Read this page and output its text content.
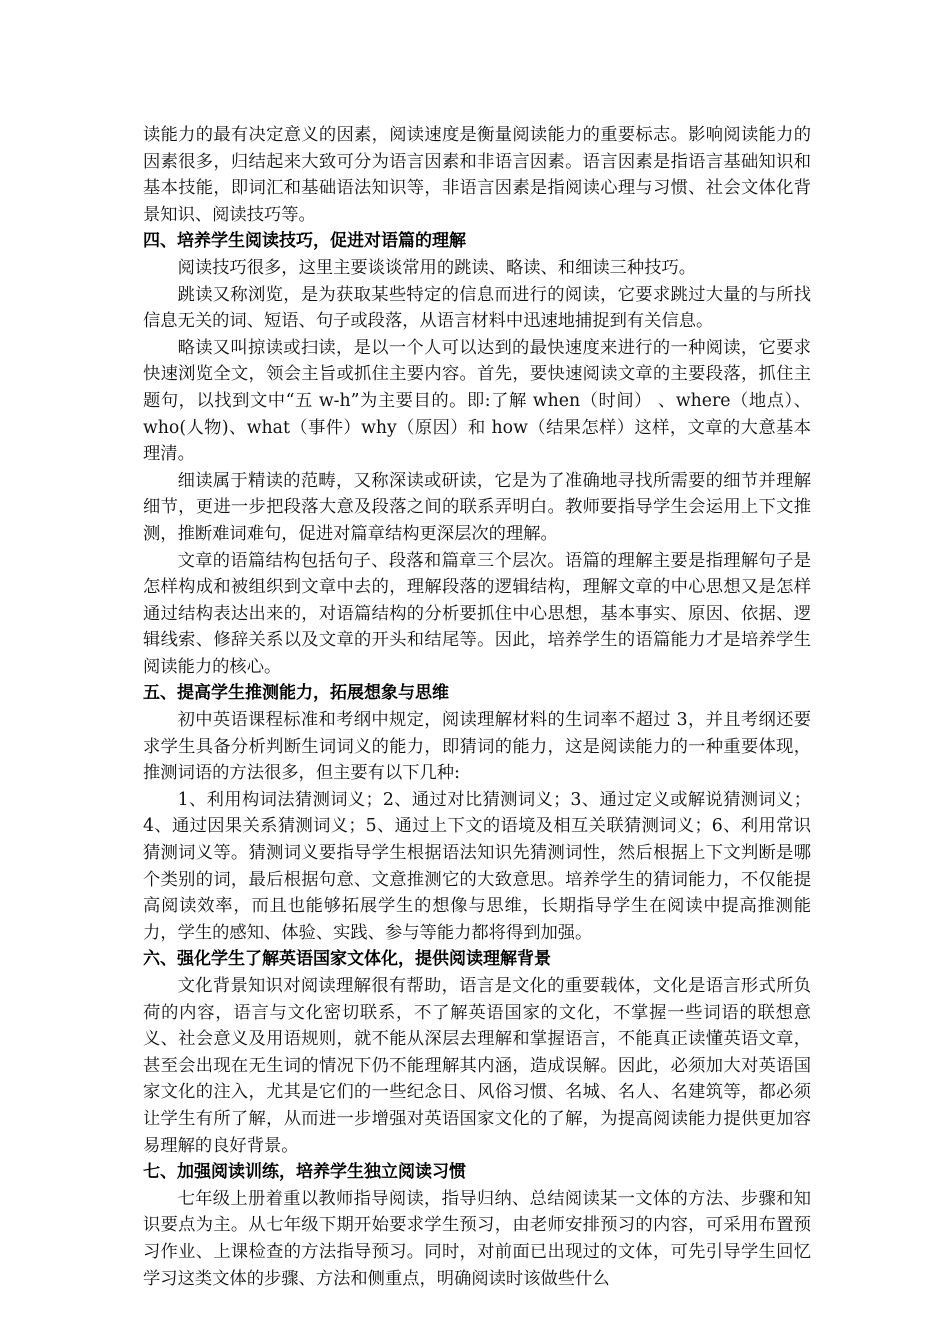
读能力的最有决定意义的因素，阅读速度是衡量阅读能力的重要标志。影响阅读能力的因素很多，归结起来大致可分为语言因素和非语言因素。语言因素是指语言基础知识和基本技能，即词汇和基础语法知识等，非语言因素是指阅读心理与习惯、社会文体化背景知识、阅读技巧等。

四、培养学生阅读技巧，促进对语篇的理解

阅读技巧很多，这里主要谈谈常用的跳读、略读、和细读三种技巧。

跳读又称浏览，是为获取某些特定的信息而进行的阅读，它要求跳过大量的与所找信息无关的词、短语、句子或段落，从语言材料中迅速地捕捉到有关信息。

略读又叫掠读或扫读，是以一个人可以达到的最快速度来进行的一种阅读，它要求快速浏览全文，领会主旨或抓住主要内容。首先，要快速阅读文章的主要段落，抓住主题句，以找到文中“五 w-h”为主要目的。即:了解 when（时间） 、where（地点）、who(人物)、what（事件）why（原因）和 how（结果怎样）这样，文章的大意基本理清。

细读属于精读的范畴，又称深读或研读，它是为了准确地寻找所需要的细节并理解细节，更进一步把段落大意及段落之间的联系弄明白。教师要指导学生会运用上下文推测，推断难词难句，促进对篇章结构更深层次的理解。

文章的语篇结构包括句子、段落和篇章三个层次。语篇的理解主要是指理解句子是怎样构成和被组织到文章中去的，理解段落的逻辑结构，理解文章的中心思想又是怎样通过结构表达出来的，对语篇结构的分析要抓住中心思想，基本事实、原因、依据、逻辑线索、修辞关系以及文章的开头和结尾等。因此，培养学生的语篇能力才是培养学生阅读能力的核心。

五、提高学生推测能力，拓展想象与思维

初中英语课程标准和考纲中规定，阅读理解材料的生词率不超过 3，并且考纲还要求学生具备分析判断生词词义的能力，即猜词的能力，这是阅读能力的一种重要体现，推测词语的方法很多，但主要有以下几种:

1、利用构词法猜测词义；2、通过对比猜测词义；3、通过定义或解说猜测词义；4、通过因果关系猜测词义；5、通过上下文的语境及相互关联猜测词义；6、利用常识猜测词义等。猜测词义要指导学生根据语法知识先猜测词性，然后根据上下文判断是哪个类别的词，最后根据句意、文意推测它的大致意思。培养学生的猜词能力，不仅能提高阅读效率，而且也能够拓展学生的想像与思维，长期指导学生在阅读中提高推测能力，学生的感知、体验、实践、参与等能力都将得到加强。

六、强化学生了解英语国家文体化，提供阅读理解背景

文化背景知识对阅读理解很有帮助，语言是文化的重要载体，文化是语言形式所负荷的内容，语言与文化密切联系，不了解英语国家的文化，不掌握一些词语的联想意义、社会意义及用语规则，就不能从深层去理解和掌握语言，不能真正读懂英语文章，甚至会出现在无生词的情况下仍不能理解其内涵，造成误解。因此，必须加大对英语国家文化的注入，尤其是它们的一些纪念日、风俗习惯、名城、名人、名建筑等，都必须让学生有所了解，从而进一步增强对英语国家文化的了解，为提高阅读能力提供更加容易理解的良好背景。

七、加强阅读训练，培养学生独立阅读习惯

七年级上册着重以教师指导阅读，指导归纳、总结阅读某一文体的方法、步骤和知识要点为主。从七年级下期开始要求学生预习，由老师安排预习的内容，可采用布置预习作业、上课检查的方法指导预习。同时，对前面已出现过的文体，可先引导学生回忆学习这类文体的步骤、方法和侧重点，明确阅读时该做些什么
